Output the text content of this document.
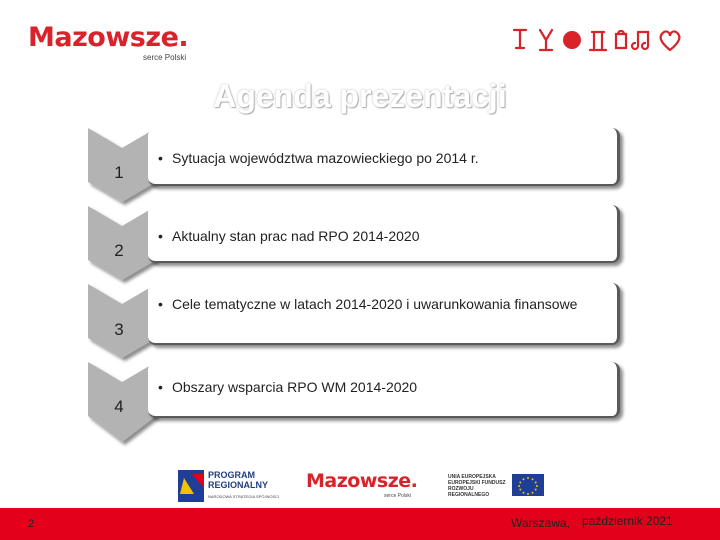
Mazowsze.
serce Polski
Agenda prezentacji
1
2
3
4
• Sytuacja województwa mazowieckiego po 2014 r.
• Aktualny stan prac nad RPO 2014-2020
• Cele tematyczne w latach 2014-2020 i uwarunkowania finansowe
• Obszary wsparcia RPO WM 2014-2020
PROGRAM
REGIONALNY
NARODOWA STRATEGIA SPÓJNOŚCI
Mazowsze.
serce Polski
UNIA EUROPEJSKA EUROPEJSKI FUNDUSZ ROZWOJU REGIONALNEGO
2	Warszawa, październik 2021
